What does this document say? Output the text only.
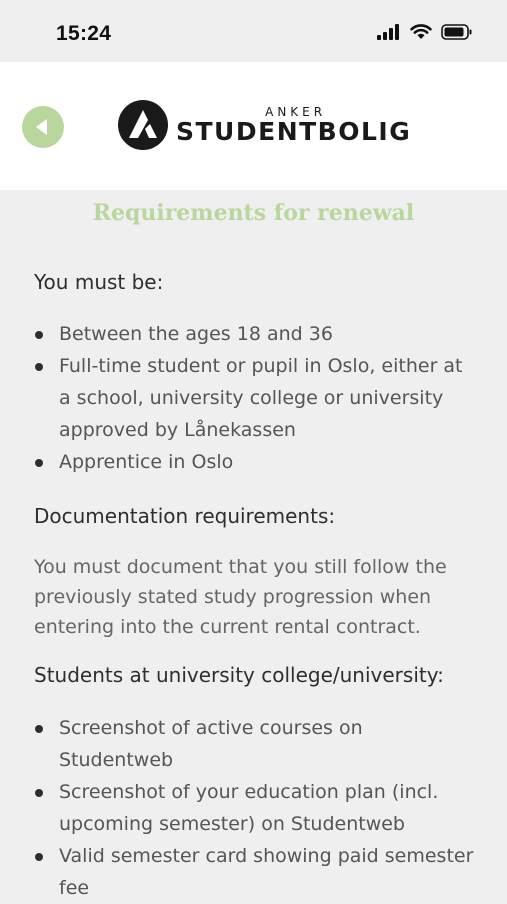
15:24
ANKER
STUDENTBOLIG
Requirements for renewal
You must be:
Between the ages 18 and 36
Full-time student or pupil in Oslo, either at a school, university college or university approved by Lånekassen
Apprentice in Oslo
Documentation requirements:

You must document that you still follow the previously stated study progression when entering into the current rental contract.

Students at university college/university:
Screenshot of active courses on Studentweb
Screenshot of your education plan (incl. upcoming semester) on Studentweb
Valid semester card showing paid semester fee
